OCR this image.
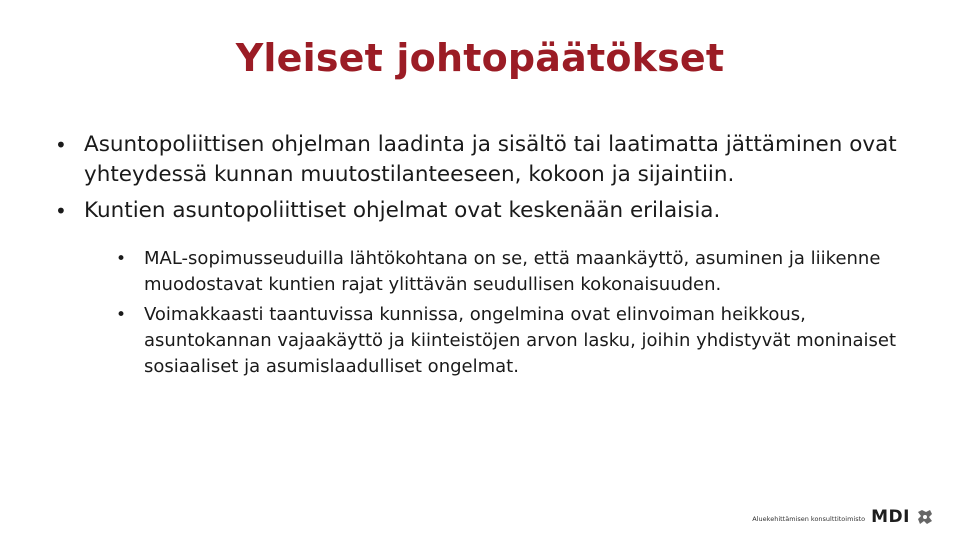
Yleiset johtopäätökset
• Asuntopoliittisen ohjelman laadinta ja sisältö tai laatimatta jättäminen ovat yhteydessä kunnan muutostilanteeseen, kokoon ja sijaintiin.
• Kuntien asuntopoliittiset ohjelmat ovat keskenään erilaisia.
• MAL-sopimusseuduilla lähtökohtana on se, että maankäyttö, asuminen ja liikenne muodostavat kuntien rajat ylittävän seudullisen kokonaisuuden.
• Voimakkaasti taantuvissa kunnissa, ongelmina ovat elinvoiman heikkous, asuntokannan vajaakäyttö ja kiinteistöjen arvon lasku, joihin yhdistyvät moninaiset sosiaaliset ja asumislaadulliset ongelmat.
Aluekehittämisen konsulttitoimisto MDI
